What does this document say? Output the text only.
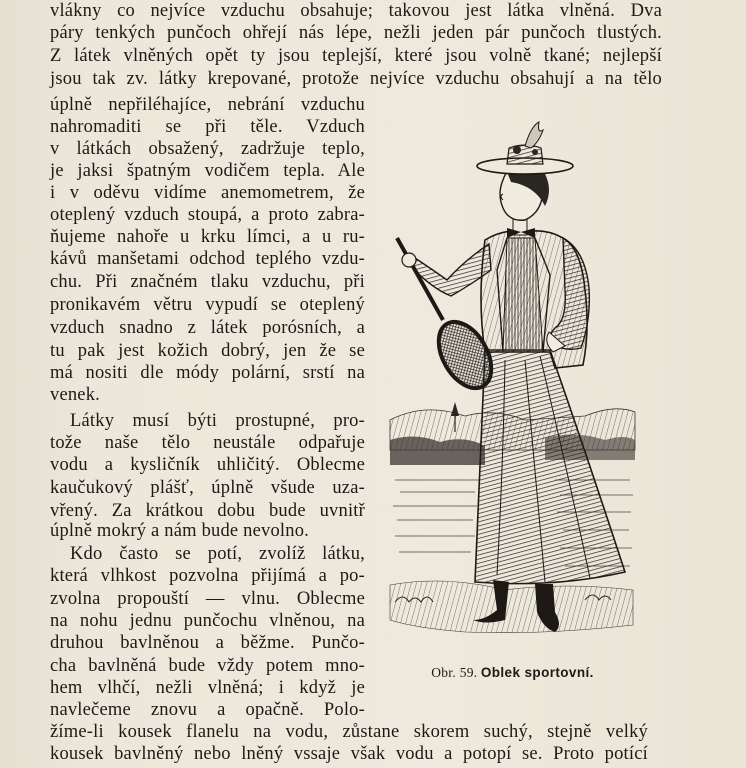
vlákny co nejvíce vzduchu obsahuje; takovou jest látka vlněná. Dva
páry tenkých punčoch ohřejí nás lépe, nežli jeden pár punčoch tlustých.
Z látek vlněných opět ty jsou teplejší, které jsou volně tkané; nejlepší
jsou tak zv. látky krepované, protože nejvíce vzduchu obsahují a na tělo
úplně nepřiléhajíce, nebrání vzduchu
nahromaditi se při těle. Vzduch
v látkách obsažený, zadržuje teplo,
je jaksi špatným vodičem tepla. Ale
i v oděvu vidíme anemometrem, že
oteplený vzduch stoupá, a proto zabra-
ňujeme nahoře u krku límci, a u ru-
kávů manšetami odchod teplého vzdu-
chu. Při značném tlaku vzduchu, při
pronikavém větru vypudí se oteplený
vzduch snadno z látek porósních, a
tu pak jest kožich dobrý, jen že se
má nositi dle módy polární, srstí na
venek.
Látky musí býti prostupné, pro-
tože naše tělo neustále odpařuje
vodu a kysličník uhličitý. Oblecme
kaučukový plášť, úplně všude uza-
vřený. Za krátkou dobu bude uvnitř
úplně mokrý a nám bude nevolno.
Kdo často se potí, zvolíž látku,
která vlhkost pozvolna přijímá a po-
zvolna propouští — vlnu. Oblecme
na nohu jednu punčochu vlněnou, na
druhou bavlněnou a běžme. Punčo-
cha bavlněná bude vždy potem mno-
hem vlhčí, nežli vlněná; i když je
navlečeme znovu a opačně. Polo-
žíme-li kousek flanelu na vodu, zůstane skorem suchý, stejně velký
kousek bavlněný nebo lněný vssaje však vodu a potopí se. Proto potící
Obr. 59. Oblek sportovní.
